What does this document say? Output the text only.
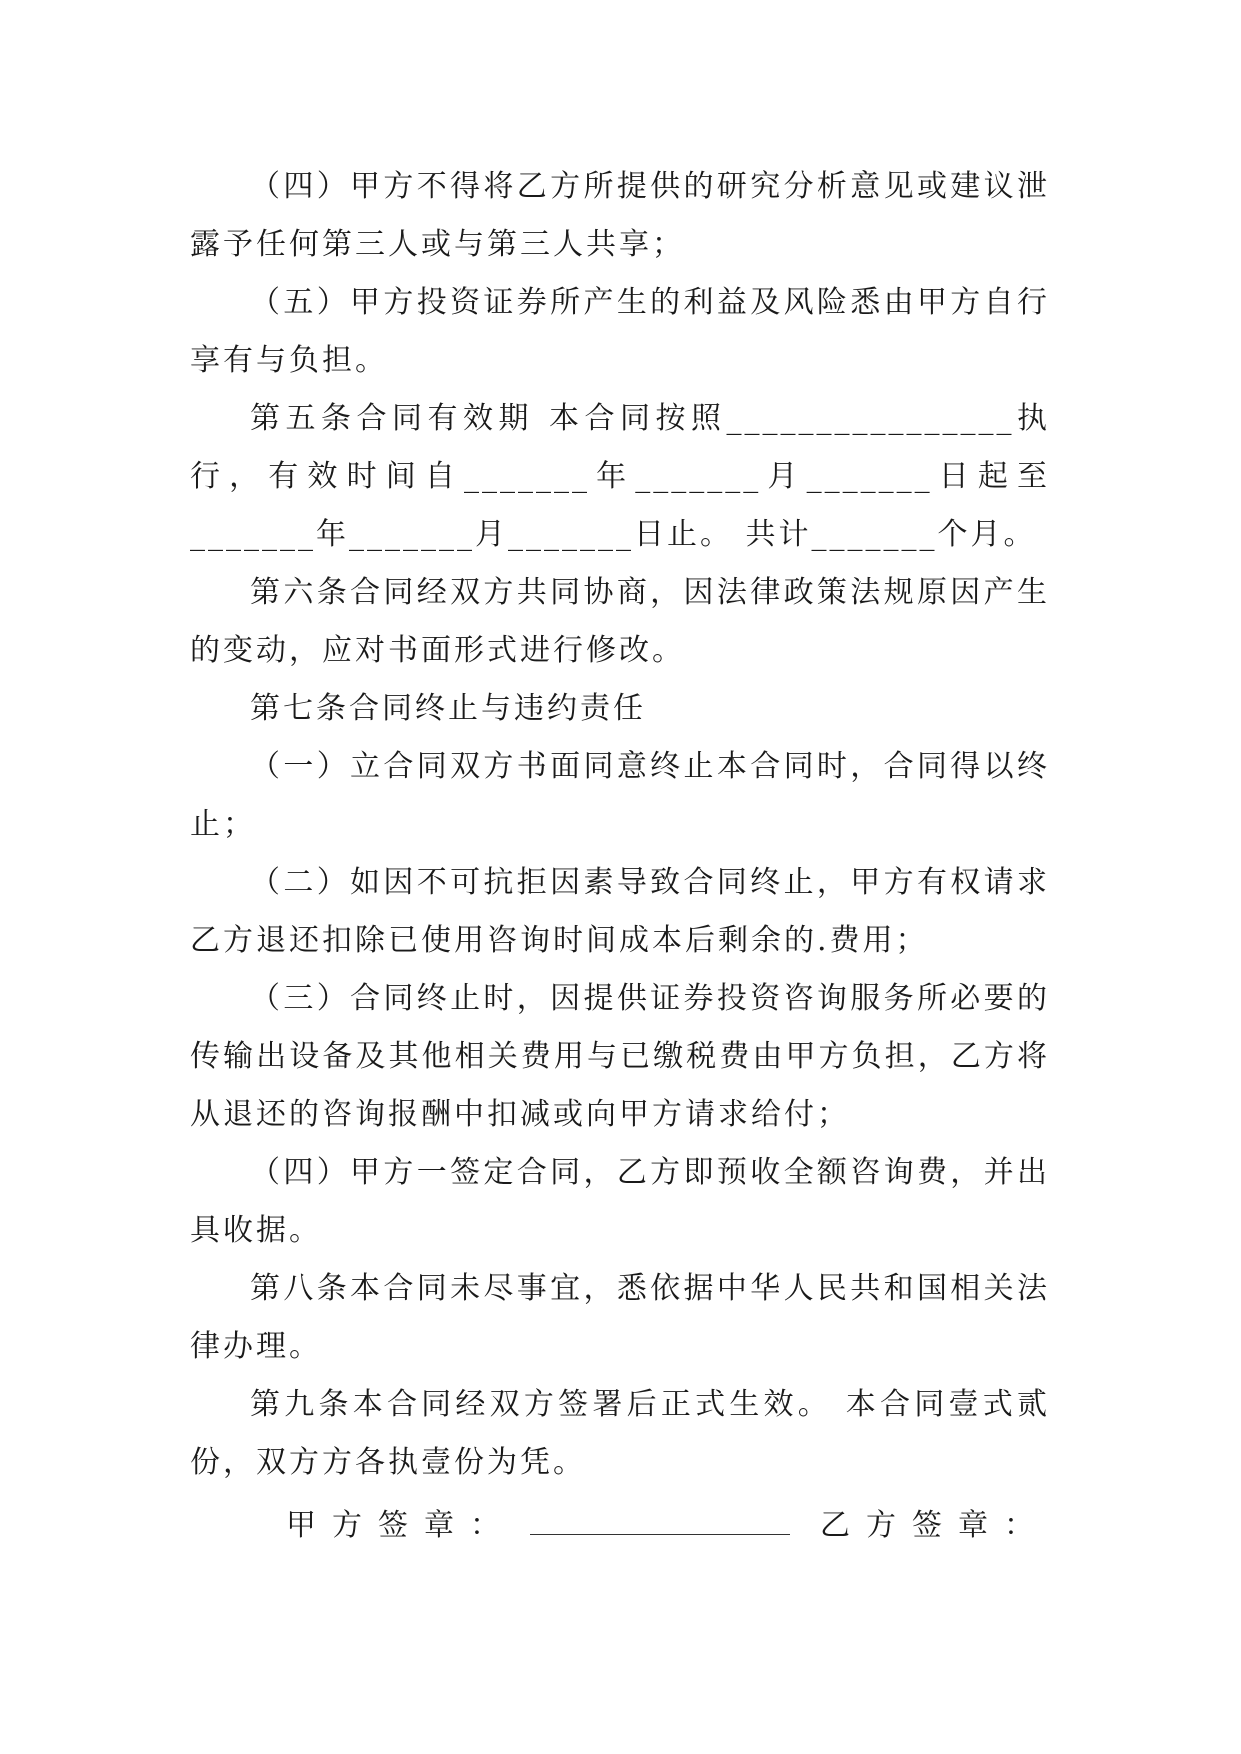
（四）甲方不得将乙方所提供的研究分析意见或建议泄露予任何第三人或与第三人共享；

（五）甲方投资证券所产生的利益及风险悉由甲方自行享有与负担。

第五条合同有效期 本合同按照________________执行，有效时间自_______年_______月_______日起至_______年_______月_______日止。 共计_______个月。

第六条合同经双方共同协商，因法律政策法规原因产生的变动，应对书面形式进行修改。

第七条合同终止与违约责任

（一）立合同双方书面同意终止本合同时，合同得以终止；

（二）如因不可抗拒因素导致合同终止，甲方有权请求乙方退还扣除已使用咨询时间成本后剩余的.费用；

（三）合同终止时，因提供证券投资咨询服务所必要的传输出设备及其他相关费用与已缴税费由甲方负担，乙方将从退还的咨询报酬中扣减或向甲方请求给付；

（四）甲方一签定合同，乙方即预收全额咨询费，并出具收据。

第八条本合同未尽事宜，悉依据中华人民共和国相关法律办理。

第九条本合同经双方签署后正式生效。 本合同壹式贰份，双方方各执壹份为凭。

甲方签章：	乙方签章：
